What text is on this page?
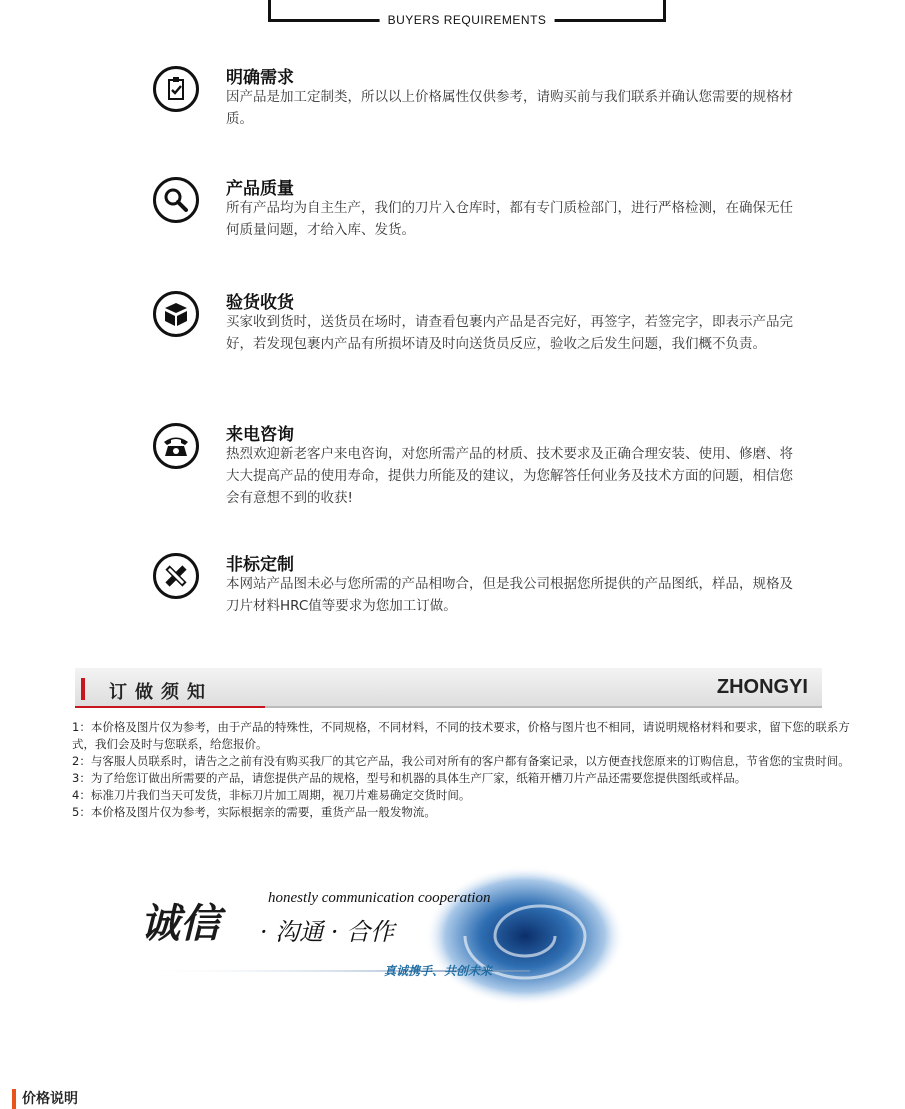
BUYERS REQUIREMENTS
明确需求
因产品是加工定制类，所以以上价格属性仅供参考，请购买前与我们联系并确认您需要的规格材质。
产品质量
所有产品均为自主生产，我们的刀片入仓库时，都有专门质检部门，进行严格检测，在确保无任何质量问题，才给入库、发货。
验货收货
买家收到货时，送货员在场时，请查看包裹内产品是否完好，再签字，若签完字，即表示产品完好，若发现包裹内产品有所损坏请及时向送货员反应，验收之后发生问题，我们概不负责。
来电咨询
热烈欢迎新老客户来电咨询，对您所需产品的材质、技术要求及正确合理安装、使用、修磨、将大大提高产品的使用寿命，提供力所能及的建议，为您解答任何业务及技术方面的问题，相信您会有意想不到的收获!
非标定制
本网站产品图未必与您所需的产品相吻合，但是我公司根据您所提供的产品图纸，样品，规格及刀片材料HRC值等要求为您加工订做。
订做须知	ZHONGYI

1：本价格及图片仅为参考，由于产品的特殊性，不同规格，不同材料，不同的技术要求，价格与图片也不相同，请说明规格材料和要求，留下您的联系方式，我们会及时与您联系，给您报价。

2：与客服人员联系时，请告之之前有没有购买我厂的其它产品，我公司对所有的客户都有备案记录，以方便查找您原来的订购信息，节省您的宝贵时间。

3：为了给您订做出所需要的产品，请您提供产品的规格，型号和机器的具体生产厂家，纸箱开槽刀片产品还需要您提供图纸或样品。

4：标准刀片我们当天可发货，非标刀片加工周期，视刀片难易确定交货时间。

5：本价格及图片仅为参考，实际根据亲的需要，重货产品一般发物流。

诚信
honestly communication cooperation
· 沟通 · 合作
真诚携手、共创未来
价格说明
